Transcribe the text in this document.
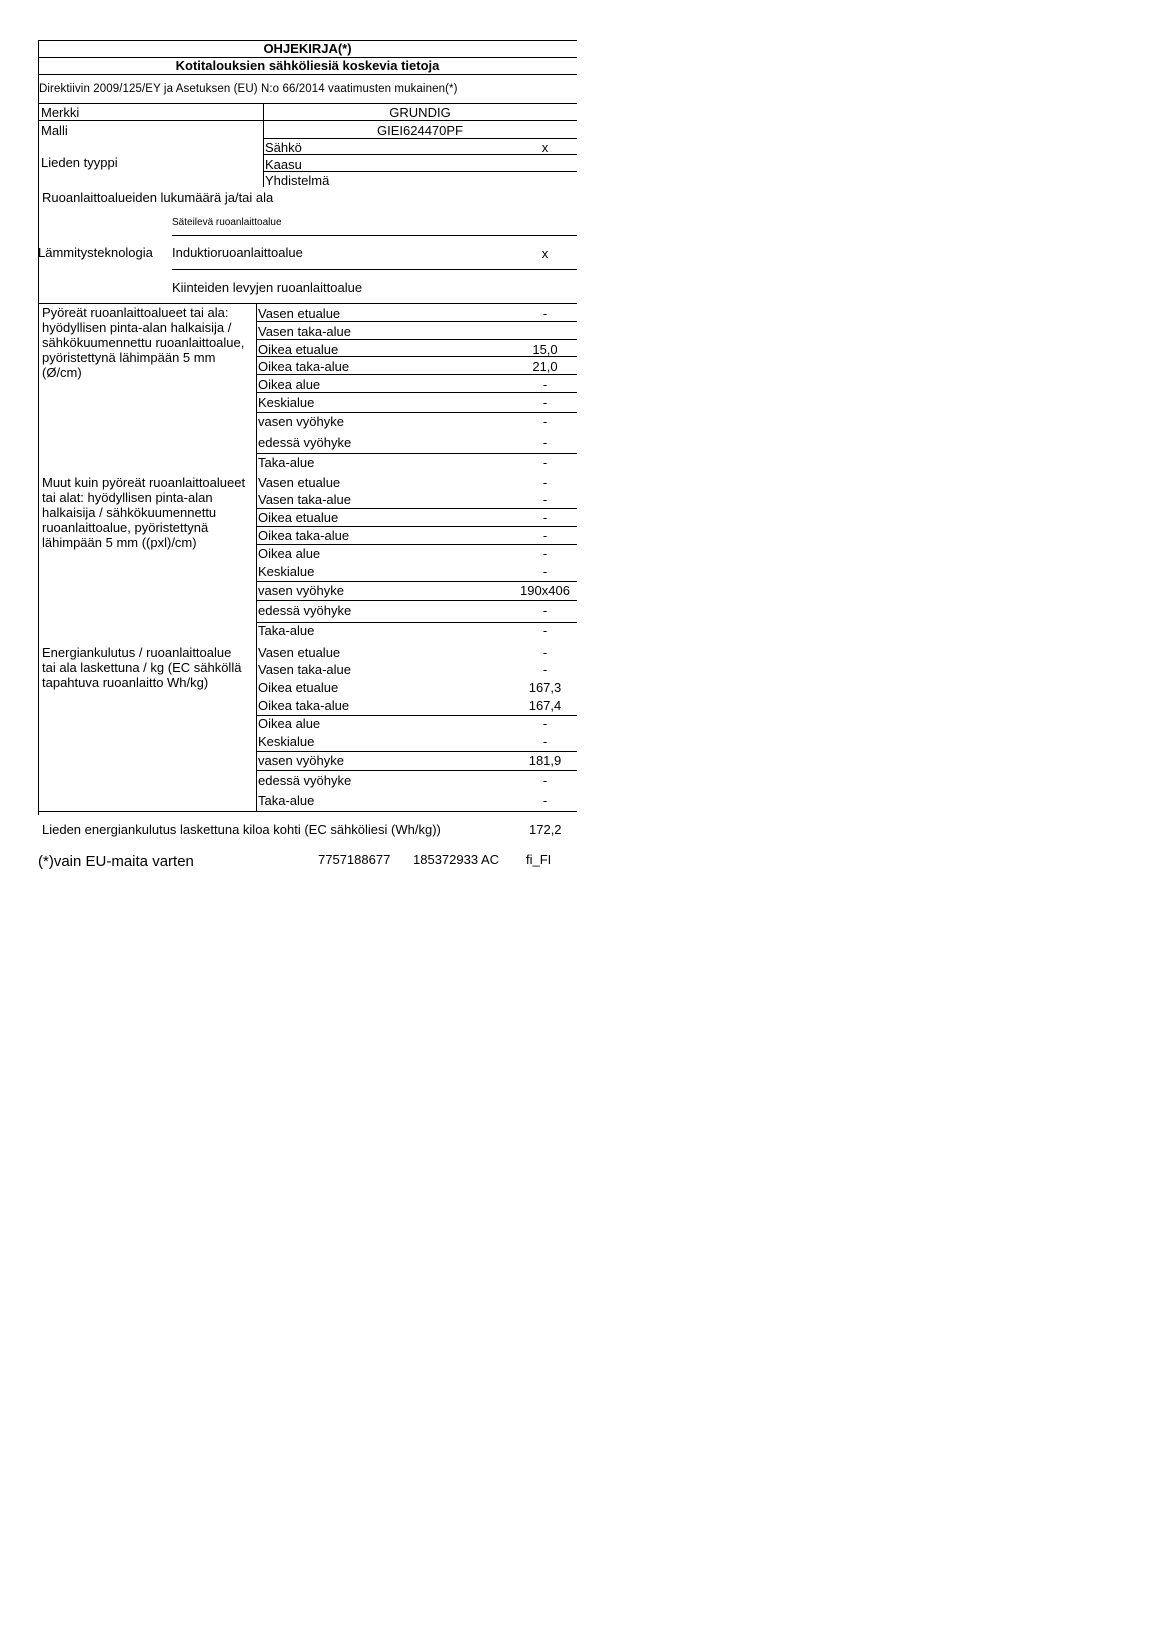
OHJEKIRJA(*)
Kotitalouksien sähköliesiä koskevia tietoja
Direktiivin 2009/125/EY ja Asetuksen (EU) N:o 66/2014 vaatimusten mukainen(*)
Merkki	GRUNDIG
Malli	GIEI624470PF
Lieden tyyppi
Sähkö	x
Kaasu
Yhdistelmä
Ruoanlaittoalueiden lukumäärä ja/tai ala
Lämmitysteknologia
Säteilevä ruoanlaittoalue
Induktioruoanlaittoalue	x
Kiinteiden levyjen ruoanlaittoalue
Pyöreät ruoanlaittoalueet tai ala: hyödyllisen pinta-alan halkaisija / sähkökuumennettu ruoanlaittoalue, pyöristettynä lähimpään 5 mm (Ø/cm)
Muut kuin pyöreät ruoanlaittoalueet tai alat: hyödyllisen pinta-alan halkaisija / sähkökuumennettu ruoanlaittoalue, pyöristettynä lähimpään 5 mm ((pxl)/cm)
Energiankulutus / ruoanlaittoalue tai ala laskettuna / kg (EC sähköllä tapahtuva ruoanlaitto Wh/kg)
Vasen etualue	-
Vasen taka-alue
Oikea etualue	15,0
Oikea taka-alue	21,0
Oikea alue	-
Keskialue	-
vasen vyöhyke	-
edessä vyöhyke	-
Taka-alue	-
Vasen etualue	-
Vasen taka-alue	-
Oikea etualue	-
Oikea taka-alue	-
Oikea alue	-
Keskialue	-
vasen vyöhyke	190x406
edessä vyöhyke	-
Taka-alue	-
Vasen etualue	-
Vasen taka-alue	-
Oikea etualue	167,3
Oikea taka-alue	167,4
Oikea alue	-
Keskialue	-
vasen vyöhyke	181,9
edessä vyöhyke	-
Taka-alue	-
Lieden energiankulutus laskettuna kiloa kohti (EC sähköliesi (Wh/kg))	172,2
(*)vain EU-maita varten	7757188677 185372933 AC fi_FI
